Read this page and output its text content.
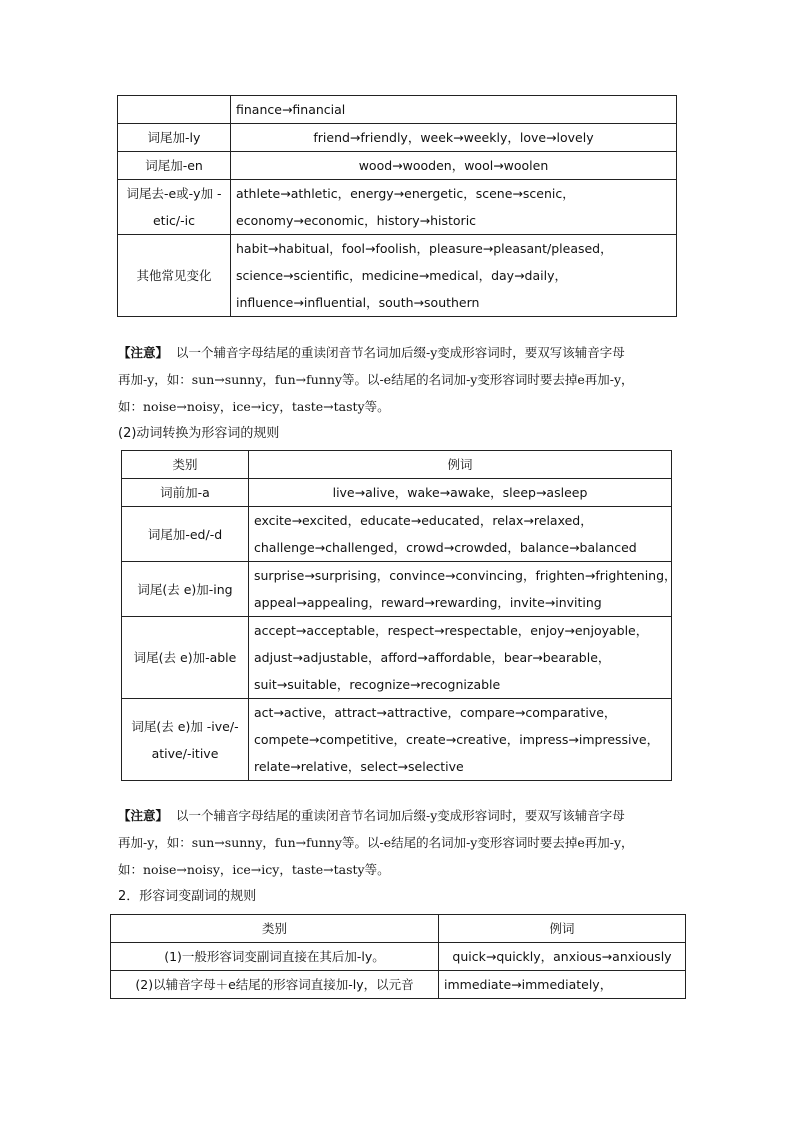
	finance→financial

词尾加-ly	friend→friendly，week→weekly，love→lovely

词尾加-en	wood→wooden，wool→woolen

词尾去-e或-y加 -etic/-ic	athlete→athletic，energy→energetic，scene→scenic，
economy→economic，history→historic

其他常见变化	habit→habitual，fool→foolish，pleasure→pleasant/pleased，
science→scientific，medicine→medical，day→daily，
influence→influential，south→southern
【注意】 以一个辅音字母结尾的重读闭音节名词加后缀-y变成形容词时，要双写该辅音字母
再加-y，如：sun→sunny，fun→funny等。以-e结尾的名词加-y变形容词时要去掉e再加-y，
如：noise→noisy，ice→icy，taste→tasty等。
(2)动词转换为形容词的规则
类别	例词
词前加-a	live→alive，wake→awake，sleep→asleep

词尾加-ed/-d	excite→excited，educate→educated，relax→relaxed，
challenge→challenged，crowd→crowded，balance→balanced

词尾(去 e)加-ing	surprise→surprising，convince→convincing，frighten→frightening，
appeal→appealing，reward→rewarding，invite→inviting

词尾(去 e)加-able	accept→acceptable，respect→respectable，enjoy→enjoyable，
adjust→adjustable，afford→affordable，bear→bearable，
suit→suitable，recognize→recognizable

词尾(去 e)加 -ive/-ative/-itive	act→active，attract→attractive，compare→comparative，
compete→competitive，create→creative，impress→impressive，
relate→relative，select→selective
【注意】 以一个辅音字母结尾的重读闭音节名词加后缀-y变成形容词时，要双写该辅音字母
再加-y，如：sun→sunny，fun→funny等。以-e结尾的名词加-y变形容词时要去掉e再加-y，
如：noise→noisy，ice→icy，taste→tasty等。
2．形容词变副词的规则
类别	例词
(1)一般形容词变副词直接在其后加-ly。	quick→quickly，anxious→anxiously

(2)以辅音字母＋e结尾的形容词直接加-ly，以元音	immediate→immediately，
